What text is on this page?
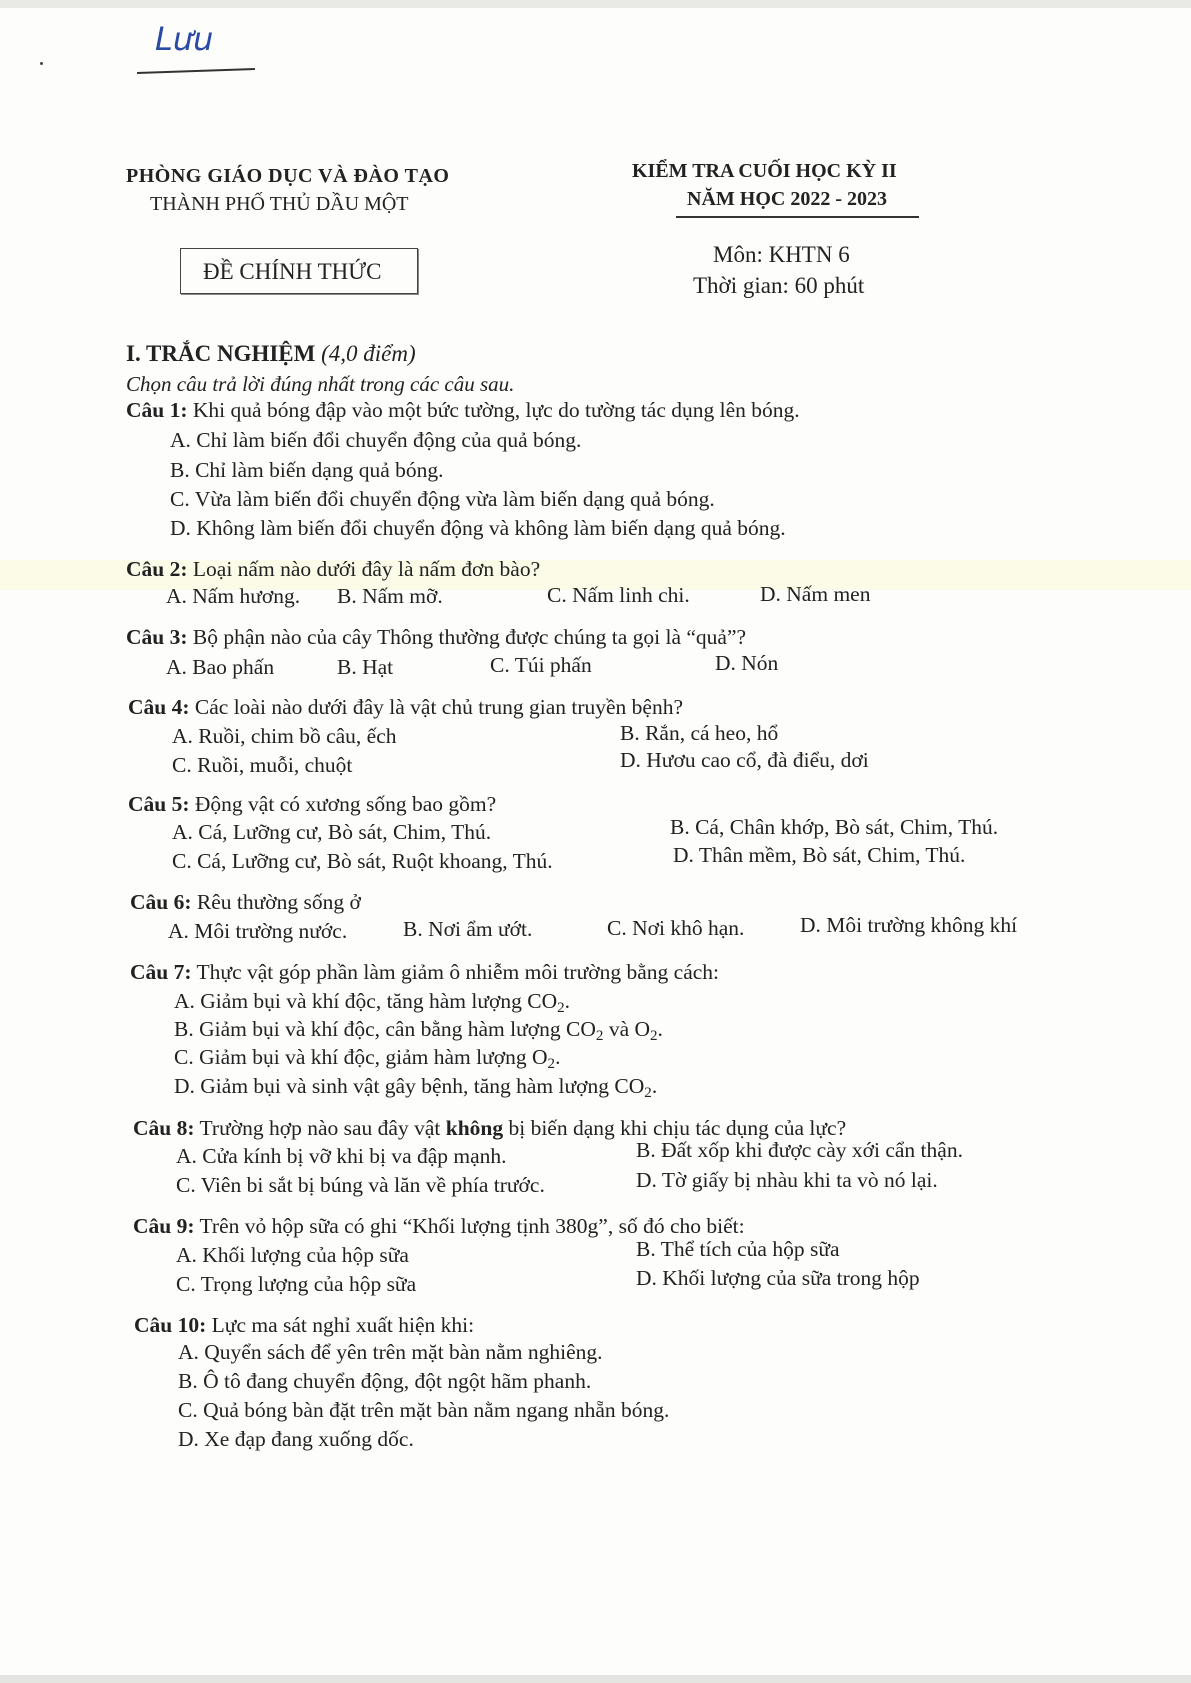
Lưu
PHÒNG GIÁO DỤC VÀ ĐÀO TẠO
THÀNH PHỐ THỦ DẦU MỘT
KIỂM TRA CUỐI HỌC KỲ II
NĂM HỌC 2022 - 2023
ĐỀ CHÍNH THỨC
Môn: KHTN 6
Thời gian: 60 phút
I. TRẮC NGHIỆM (4,0 điểm)
Chọn câu trả lời đúng nhất trong các câu sau.
Câu 1: Khi quả bóng đập vào một bức tường, lực do tường tác dụng lên bóng.
A. Chỉ làm biến đổi chuyển động của quả bóng.
B. Chỉ làm biến dạng quả bóng.
C. Vừa làm biến đổi chuyển động vừa làm biến dạng quả bóng.
D. Không làm biến đổi chuyển động và không làm biến dạng quả bóng.
Câu 2: Loại nấm nào dưới đây là nấm đơn bào?
A. Nấm hương. B. Nấm mỡ.	C. Nấm linh chi.	D. Nấm men
Câu 3: Bộ phận nào của cây Thông thường được chúng ta gọi là “quả”?
A. Bao phấn	B. Hạt	C. Túi phấn	D. Nón
Câu 4: Các loài nào dưới đây là vật chủ trung gian truyền bệnh?
A. Ruồi, chim bồ câu, ếch	B. Rắn, cá heo, hổ
C. Ruồi, muỗi, chuột	D. Hươu cao cổ, đà điểu, dơi
Câu 5: Động vật có xương sống bao gồm?
A. Cá, Lưỡng cư, Bò sát, Chim, Thú.	B. Cá, Chân khớp, Bò sát, Chim, Thú.
C. Cá, Lưỡng cư, Bò sát, Ruột khoang, Thú.	D. Thân mềm, Bò sát, Chim, Thú.
Câu 6: Rêu thường sống ở
A. Môi trường nước.	B. Nơi ẩm ướt.	C. Nơi khô hạn.	D. Môi trường không khí
Câu 7: Thực vật góp phần làm giảm ô nhiễm môi trường bằng cách:
A. Giảm bụi và khí độc, tăng hàm lượng $CO_2$.
B. Giảm bụi và khí độc, cân bằng hàm lượng $CO_2$ và $O_2$.
C. Giảm bụi và khí độc, giảm hàm lượng $O_2$.
D. Giảm bụi và sinh vật gây bệnh, tăng hàm lượng $CO_2$.
Câu 8: Trường hợp nào sau đây vật không bị biến dạng khi chịu tác dụng của lực?
A. Cửa kính bị vỡ khi bị va đập mạnh.	B. Đất xốp khi được cày xới cẩn thận.
C. Viên bi sắt bị búng và lăn về phía trước.	D. Tờ giấy bị nhàu khi ta vò nó lại.
Câu 9: Trên vỏ hộp sữa có ghi “Khối lượng tịnh 380g”, số đó cho biết:
A. Khối lượng của hộp sữa	B. Thể tích của hộp sữa
C. Trọng lượng của hộp sữa	D. Khối lượng của sữa trong hộp
Câu 10: Lực ma sát nghỉ xuất hiện khi:
A. Quyển sách để yên trên mặt bàn nằm nghiêng.
B. Ô tô đang chuyển động, đột ngột hãm phanh.
C. Quả bóng bàn đặt trên mặt bàn nằm ngang nhẵn bóng.
D. Xe đạp đang xuống dốc.
